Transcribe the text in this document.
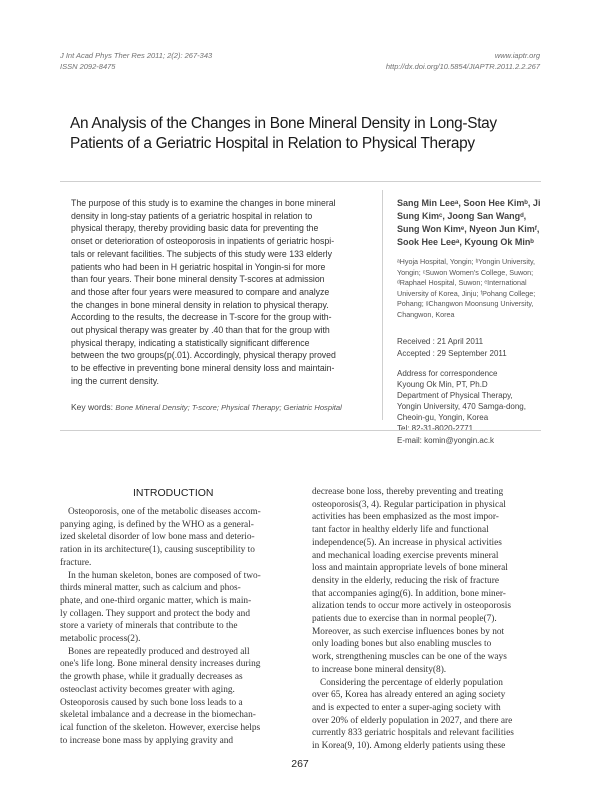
J Int Acad Phys Ther Res 2011; 2(2): 267-343
ISSN 2092-8475
www.iaptr.org
http://dx.doi.org/10.5854/JIAPTR.2011.2.2.267
An Analysis of the Changes in Bone Mineral Density in Long-Stay
Patients of a Geriatric Hospital in Relation to Physical Therapy
The purpose of this study is to examine the changes in bone mineral
density in long-stay patients of a geriatric hospital in relation to
physical therapy, thereby providing basic data for preventing the
onset or deterioration of osteoporosis in inpatients of geriatric hospi-
tals or relevant facilities. The subjects of this study were 133 elderly
patients who had been in H geriatric hospital in Yongin-si for more
than four years. Their bone mineral density T-scores at admission
and those after four years were measured to compare and analyze
the changes in bone mineral density in relation to physical therapy.
According to the results, the decrease in T-score for the group with-
out physical therapy was greater by .40 than that for the group with
physical therapy, indicating a statistically significant difference
between the two groups(p(.01). Accordingly, physical therapy proved
to be effective in preventing bone mineral density loss and maintain-
ing the current density.
Key words: Bone Mineral Density; T-score; Physical Therapy; Geriatric Hospital
Sang Min Leeᵃ, Soon Hee Kimᵇ, Ji
Sung Kimᶜ, Joong San Wangᵈ,
Sung Won Kimᵉ, Nyeon Jun Kimᶠ,
Sook Hee Leeᵃ, Kyoung Ok Minᵇ
ᵃHyoja Hospital, Yongin; ᵇYongin University,
Yongin; ᶜSuwon Women's College, Suwon;
ᵈRaphael Hospital, Suwon; ᵉInternational
University of Korea, Jinju; ᶠPohang College;
Pohang; ᵍChangwon Moonsung University,
Changwon, Korea
Received : 21 April 2011
Accepted : 29 September 2011
Address for correspondence
Kyoung Ok Min, PT, Ph.D
Department of Physical Therapy,
Yongin University, 470 Samga-dong,
Cheoin-gu, Yongin, Korea
Tel: 82-31-8020-2771
E-mail: komin@yongin.ac.k
INTRODUCTION
Osteoporosis, one of the metabolic diseases accom-
panying aging, is defined by the WHO as a general-
ized skeletal disorder of low bone mass and deterio-
ration in its architecture(1), causing susceptibility to
fracture.
In the human skeleton, bones are composed of two-
thirds mineral matter, such as calcium and phos-
phate, and one-third organic matter, which is main-
ly collagen. They support and protect the body and
store a variety of minerals that contribute to the
metabolic process(2).
Bones are repeatedly produced and destroyed all
one's life long. Bone mineral density increases during
the growth phase, while it gradually decreases as
osteoclast activity becomes greater with aging.
Osteoporosis caused by such bone loss leads to a
skeletal imbalance and a decrease in the biomechan-
ical function of the skeleton. However, exercise helps
to increase bone mass by applying gravity and
decrease bone loss, thereby preventing and treating
osteoporosis(3, 4). Regular participation in physical
activities has been emphasized as the most impor-
tant factor in healthy elderly life and functional
independence(5). An increase in physical activities
and mechanical loading exercise prevents mineral
loss and maintain appropriate levels of bone mineral
density in the elderly, reducing the risk of fracture
that accompanies aging(6). In addition, bone miner-
alization tends to occur more actively in osteoporosis
patients due to exercise than in normal people(7).
Moreover, as such exercise influences bones by not
only loading bones but also enabling muscles to
work, strengthening muscles can be one of the ways
to increase bone mineral density(8).
Considering the percentage of elderly population
over 65, Korea has already entered an aging society
and is expected to enter a super-aging society with
over 20% of elderly population in 2027, and there are
currently 833 geriatric hospitals and relevant facilities
in Korea(9, 10). Among elderly patients using these
267
